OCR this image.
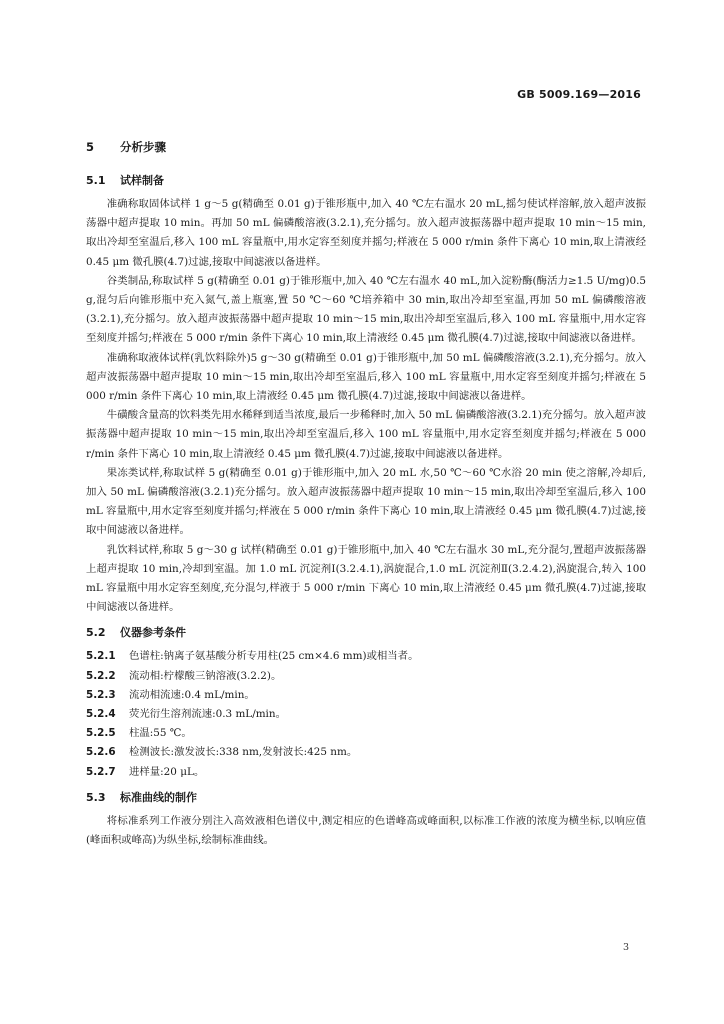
GB 5009.169—2016
5 分析步骤
5.1 试样制备

准确称取固体试样 1 g～5 g(精确至 0.01 g)于锥形瓶中,加入 40 ℃左右温水 20 mL,摇匀使试样溶解,放入超声波振荡器中超声提取 10 min。再加 50 mL 偏磷酸溶液(3.2.1),充分摇匀。放入超声波振荡器中超声提取 10 min～15 min,取出冷却至室温后,移入 100 mL 容量瓶中,用水定容至刻度并摇匀;样液在 5 000 r/min 条件下离心 10 min,取上清液经 0.45 μm 微孔膜(4.7)过滤,接取中间滤液以备进样。

谷类制品,称取试样 5 g(精确至 0.01 g)于锥形瓶中,加入 40 ℃左右温水 40 mL,加入淀粉酶(酶活力≥1.5 U/mg)0.5 g,混匀后向锥形瓶中充入氮气,盖上瓶塞,置 50 ℃～60 ℃培养箱中 30 min,取出冷却至室温,再加 50 mL 偏磷酸溶液(3.2.1),充分摇匀。放入超声波振荡器中超声提取 10 min～15 min,取出冷却至室温后,移入 100 mL 容量瓶中,用水定容至刻度并摇匀;样液在 5 000 r/min 条件下离心 10 min,取上清液经 0.45 μm 微孔膜(4.7)过滤,接取中间滤液以备进样。

准确称取液体试样(乳饮料除外)5 g～30 g(精确至 0.01 g)于锥形瓶中,加 50 mL 偏磷酸溶液(3.2.1),充分摇匀。放入超声波振荡器中超声提取 10 min～15 min,取出冷却至室温后,移入 100 mL 容量瓶中,用水定容至刻度并摇匀;样液在 5 000 r/min 条件下离心 10 min,取上清液经 0.45 μm 微孔膜(4.7)过滤,接取中间滤液以备进样。

牛磺酸含量高的饮料类先用水稀释到适当浓度,最后一步稀释时,加入 50 mL 偏磷酸溶液(3.2.1)充分摇匀。放入超声波振荡器中超声提取 10 min～15 min,取出冷却至室温后,移入 100 mL 容量瓶中,用水定容至刻度并摇匀;样液在 5 000 r/min 条件下离心 10 min,取上清液经 0.45 μm 微孔膜(4.7)过滤,接取中间滤液以备进样。

果冻类试样,称取试样 5 g(精确至 0.01 g)于锥形瓶中,加入 20 mL 水,50 ℃～60 ℃水浴 20 min 使之溶解,冷却后,加入 50 mL 偏磷酸溶液(3.2.1)充分摇匀。放入超声波振荡器中超声提取 10 min～15 min,取出冷却至室温后,移入 100 mL 容量瓶中,用水定容至刻度并摇匀;样液在 5 000 r/min 条件下离心 10 min,取上清液经 0.45 μm 微孔膜(4.7)过滤,接取中间滤液以备进样。

乳饮料试样,称取 5 g～30 g 试样(精确至 0.01 g)于锥形瓶中,加入 40 ℃左右温水 30 mL,充分混匀,置超声波振荡器上超声提取 10 min,冷却到室温。加 1.0 mL 沉淀剂Ⅰ(3.2.4.1),涡旋混合,1.0 mL 沉淀剂Ⅱ(3.2.4.2),涡旋混合,转入 100 mL 容量瓶中用水定容至刻度,充分混匀,样液于 5 000 r/min 下离心 10 min,取上清液经 0.45 μm 微孔膜(4.7)过滤,接取中间滤液以备进样。

5.2 仪器参考条件

5.2.1 色谱柱:钠离子氨基酸分析专用柱(25 cm×4.6 mm)或相当者。

5.2.2 流动相:柠檬酸三钠溶液(3.2.2)。

5.2.3 流动相流速:0.4 mL/min。

5.2.4 荧光衍生溶剂流速:0.3 mL/min。

5.2.5 柱温:55 ℃。

5.2.6 检测波长:激发波长:338 nm,发射波长:425 nm。

5.2.7 进样量:20 μL。

5.3 标准曲线的制作

将标准系列工作液分别注入高效液相色谱仪中,测定相应的色谱峰高或峰面积,以标准工作液的浓度为横坐标,以响应值(峰面积或峰高)为纵坐标,绘制标准曲线。

3
